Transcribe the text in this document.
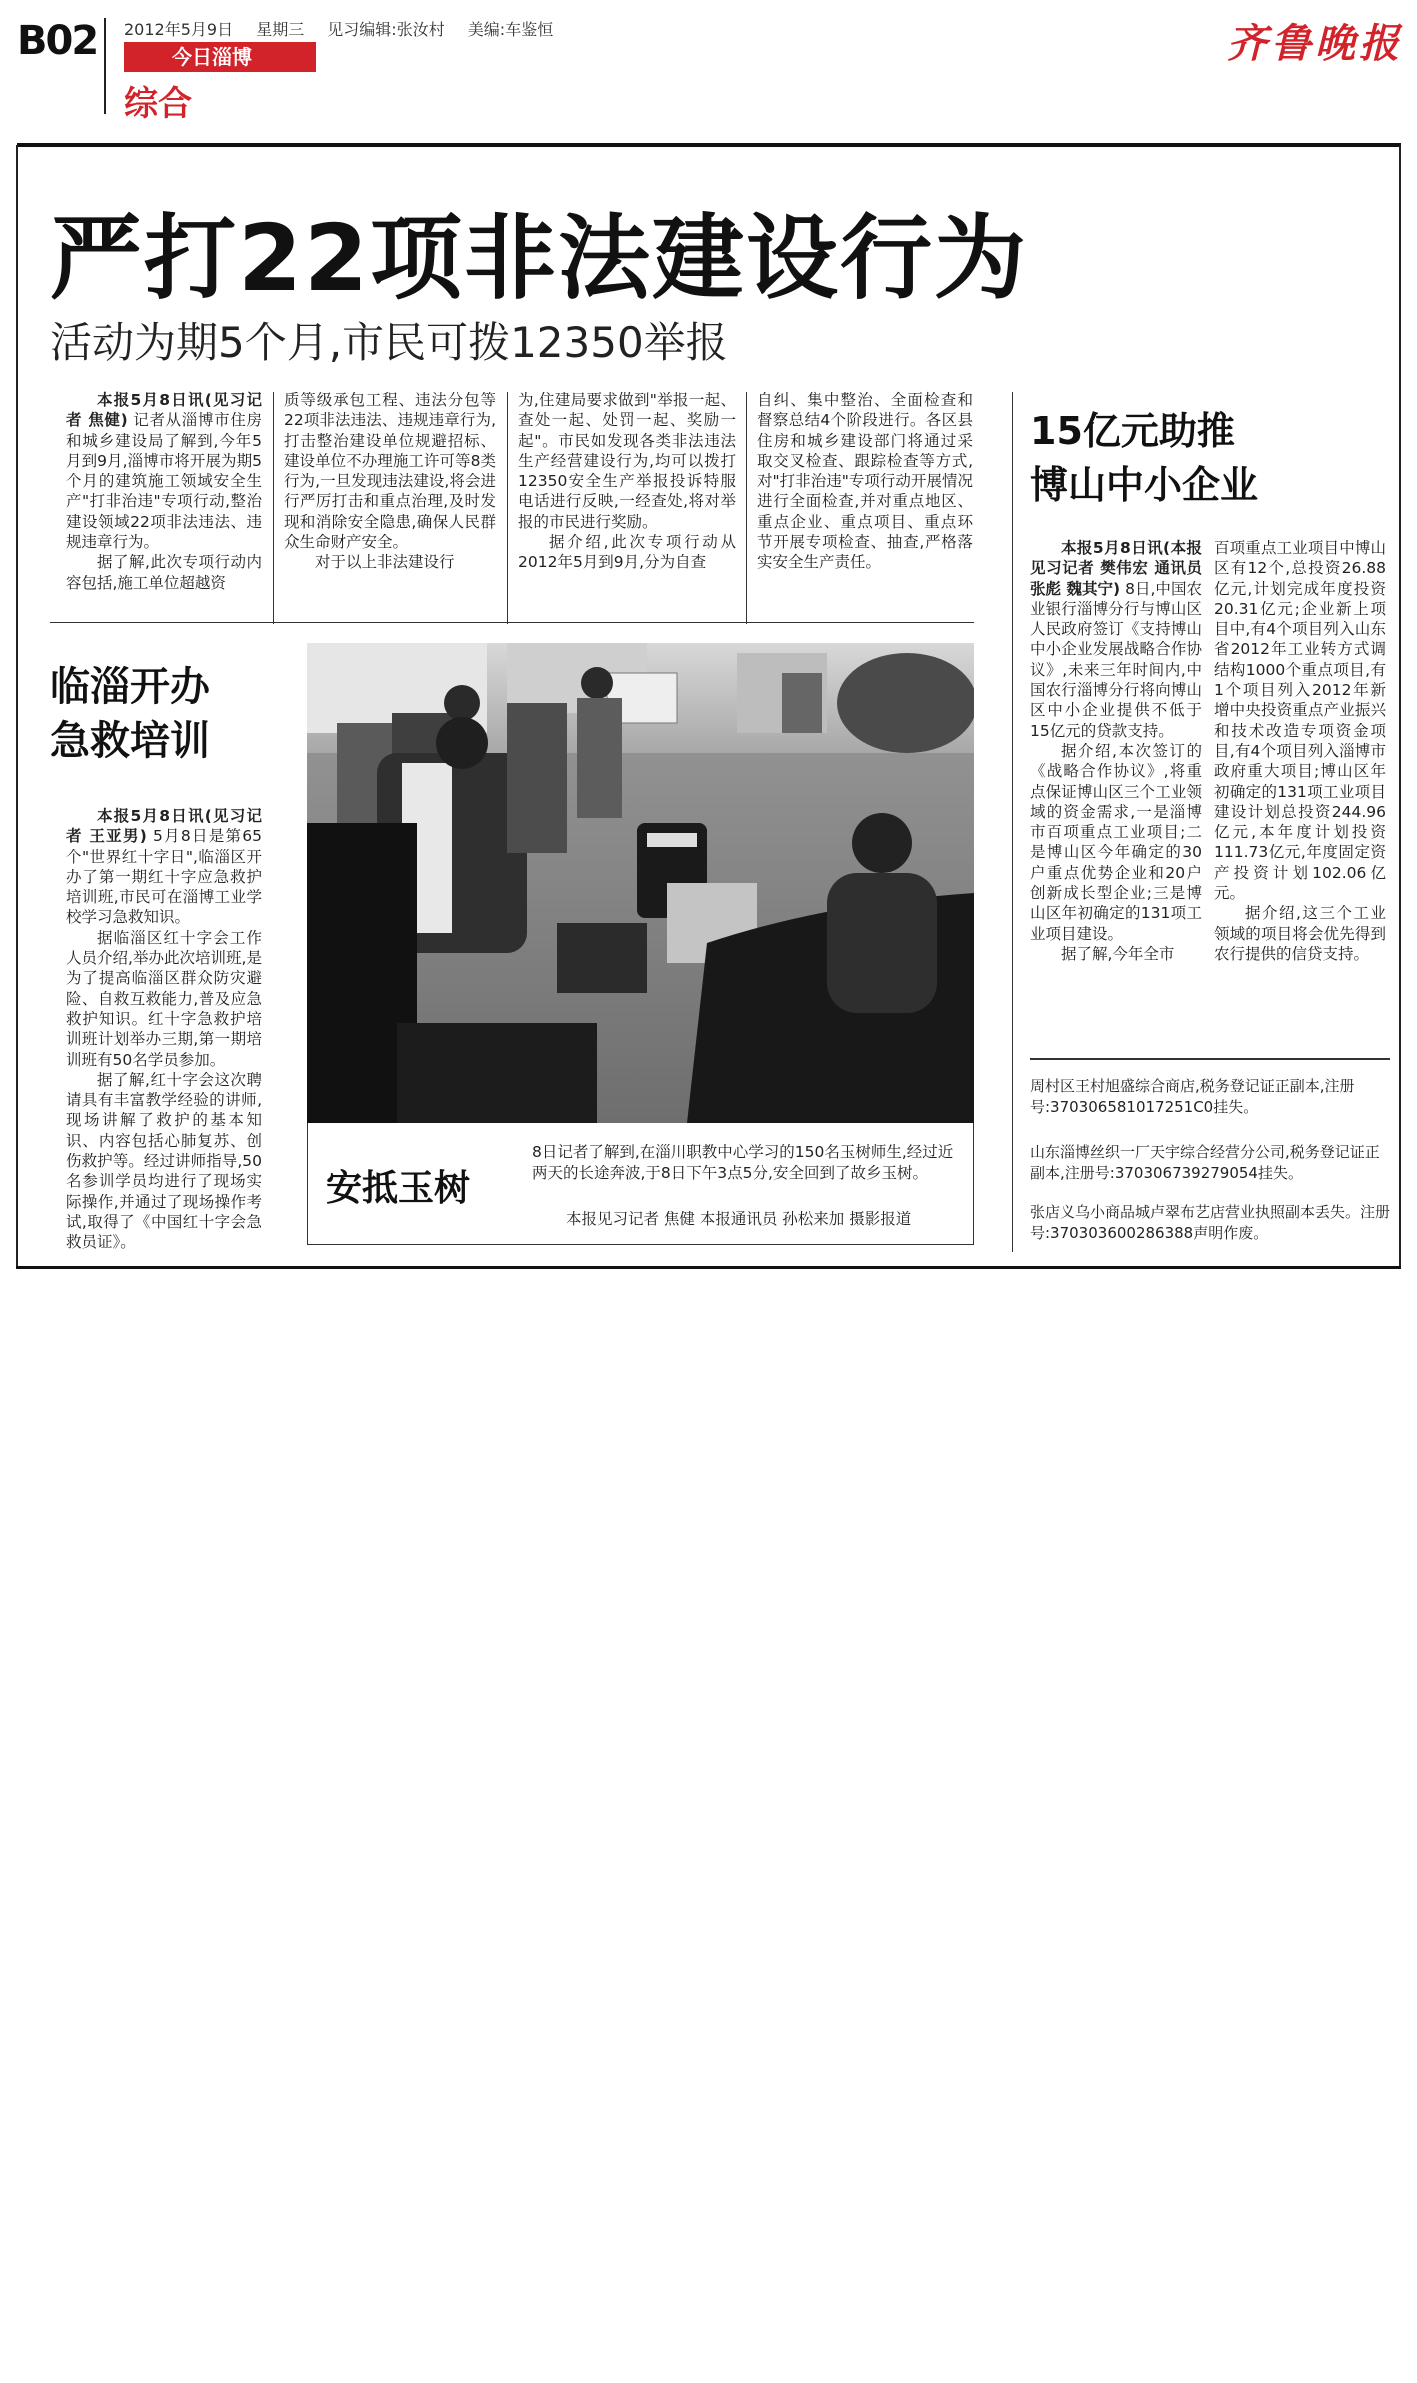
B02 2012年5月9日 星期三 见习编辑:张汝村 美编:车鉴恒
今日淄博
综合
齐鲁晚报
严打22项非法建设行为
活动为期5个月,市民可拨12350举报

本报5月8日讯(见习记者 焦健) 记者从淄博市住房和城乡建设局了解到,今年5月到9月,淄博市将开展为期5个月的建筑施工领域安全生产"打非治违"专项行动,整治建设领域22项非法违法、违规违章行为。

据了解,此次专项行动内容包括,施工单位超越资

质等级承包工程、违法分包等22项非法违法、违规违章行为,打击整治建设单位规避招标、建设单位不办理施工许可等8类行为,一旦发现违法建设,将会进行严厉打击和重点治理,及时发现和消除安全隐患,确保人民群众生命财产安全。

对于以上非法建设行

为,住建局要求做到"举报一起、查处一起、处罚一起、奖励一起"。市民如发现各类非法违法生产经营建设行为,均可以拨打12350安全生产举报投诉特服电话进行反映,一经查处,将对举报的市民进行奖励。

据介绍,此次专项行动从2012年5月到9月,分为自查

自纠、集中整治、全面检查和督察总结4个阶段进行。各区县住房和城乡建设部门将通过采取交叉检查、跟踪检查等方式,对"打非治违"专项行动开展情况进行全面检查,并对重点地区、重点企业、重点项目、重点环节开展专项检查、抽查,严格落实安全生产责任。

临淄开办
急救培训

本报5月8日讯(见习记者 王亚男) 5月8日是第65个"世界红十字日",临淄区开办了第一期红十字应急救护培训班,市民可在淄博工业学校学习急救知识。

据临淄区红十字会工作人员介绍,举办此次培训班,是为了提高临淄区群众防灾避险、自救互救能力,普及应急救护知识。红十字急救护培训班计划举办三期,第一期培训班有50名学员参加。

据了解,红十字会这次聘请具有丰富教学经验的讲师,现场讲解了救护的基本知识、内容包括心肺复苏、创伤救护等。经过讲师指导,50名参训学员均进行了现场实际操作,并通过了现场操作考试,取得了《中国红十字会急救员证》。

安抵玉树
8日记者了解到,在淄川职教中心学习的150名玉树师生,经过近两天的长途奔波,于8日下午3点5分,安全回到了故乡玉树。
本报见习记者 焦健 本报通讯员 孙松来加 摄影报道
15亿元助推
博山中小企业

本报5月8日讯(本报见习记者 樊伟宏 通讯员张彪 魏其宁) 8日,中国农业银行淄博分行与博山区人民政府签订《支持博山中小企业发展战略合作协议》,未来三年时间内,中国农行淄博分行将向博山区中小企业提供不低于15亿元的贷款支持。

据介绍,本次签订的《战略合作协议》,将重点保证博山区三个工业领域的资金需求,一是淄博市百项重点工业项目;二是博山区今年确定的30户重点优势企业和20户创新成长型企业;三是博山区年初确定的131项工业项目建设。

据了解,今年全市

百项重点工业项目中博山区有12个,总投资26.88亿元,计划完成年度投资20.31亿元;企业新上项目中,有4个项目列入山东省2012年工业转方式调结构1000个重点项目,有1个项目列入2012年新增中央投资重点产业振兴和技术改造专项资金项目,有4个项目列入淄博市政府重大项目;博山区年初确定的131项工业项目建设计划总投资244.96亿元,本年度计划投资111.73亿元,年度固定资产投资计划102.06亿元。

据介绍,这三个工业领域的项目将会优先得到农行提供的信贷支持。

周村区王村旭盛综合商店,税务登记证正副本,注册号:370306581017251C0挂失。
山东淄博丝织一厂天宇综合经营分公司,税务登记证正副本,注册号:370306739279054挂失。
张店义乌小商品城卢翠布艺店营业执照副本丢失。注册号:370303600286388声明作废。
